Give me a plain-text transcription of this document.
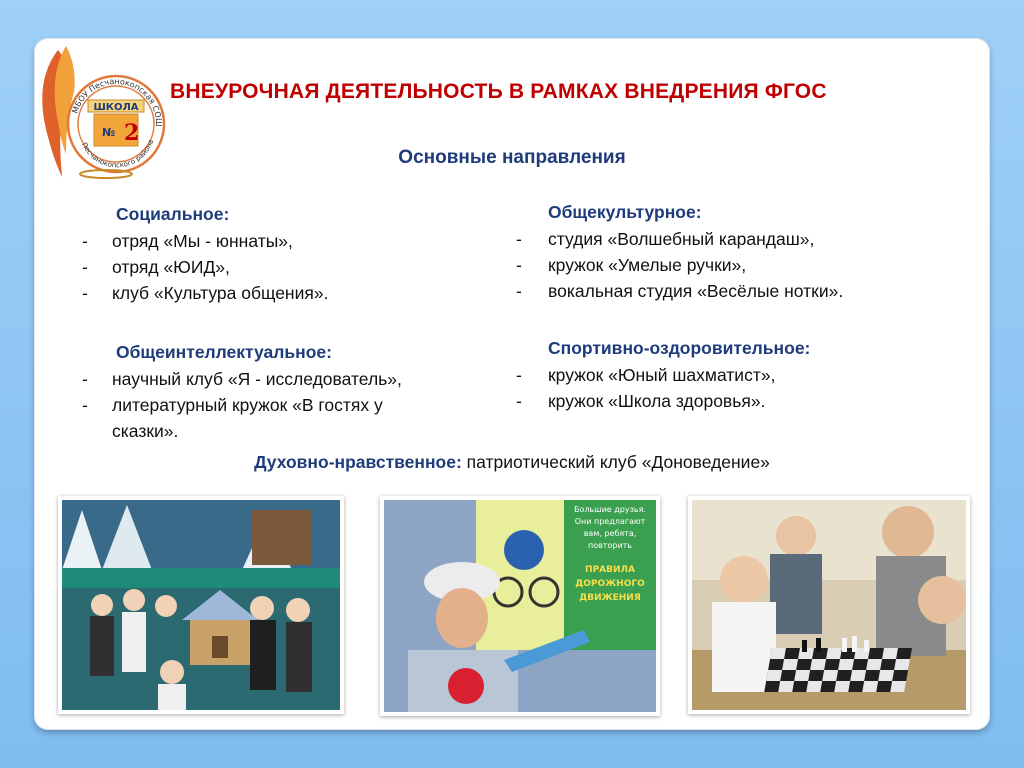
МБОУ Песчанокопская СОШ
Песчанокопского района
ШКОЛА
№ 2
ВНЕУРОЧНАЯ ДЕЯТЕЛЬНОСТЬ В РАМКАХ ВНЕДРЕНИЯ ФГОС
Основные направления
Социальное:
- отряд «Мы - юннаты»,
- отряд «ЮИД»,
- клуб «Культура общения».
Общеинтеллектуальное:
- научный клуб «Я - исследователь»,
- литературный кружок «В гостях у
сказки».
Общекультурное:
- студия «Волшебный карандаш»,
- кружок «Умелые ручки»,
- вокальная студия «Весёлые нотки».
Спортивно-оздоровительное:
- кружок «Юный шахматист»,
- кружок «Школа здоровья».
Духовно-нравственное: патриотический клуб «Доноведение»
Большие друзья.
Они предлагают
вам, ребята,
повторить
ПРАВИЛА
ДОРОЖНОГО
ДВИЖЕНИЯ
